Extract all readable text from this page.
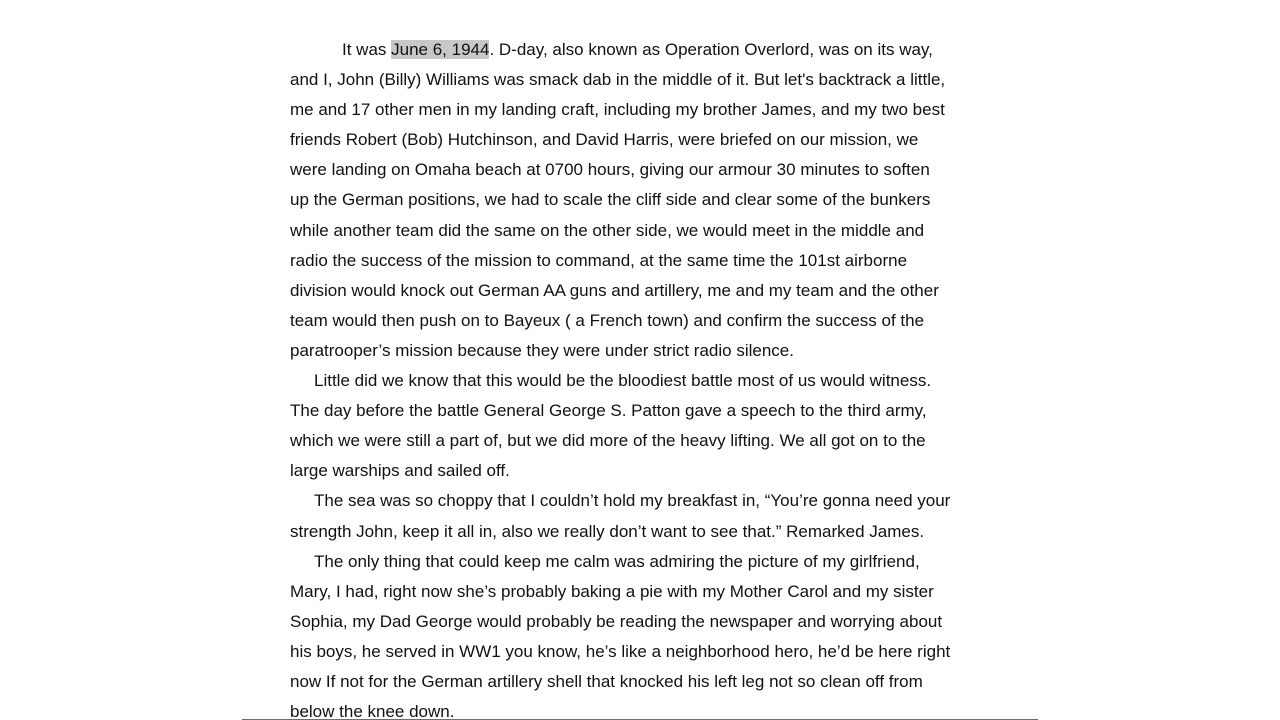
It was June 6, 1944. D-day, also known as Operation Overlord, was on its way,
and I, John (Billy) Williams was smack dab in the middle of it. But let's backtrack a little,
me and 17 other men in my landing craft, including my brother James, and my two best
friends Robert (Bob) Hutchinson, and David Harris, were briefed on our mission, we
were landing on Omaha beach at 0700 hours, giving our armour 30 minutes to soften
up the German positions, we had to scale the cliff side and clear some of the bunkers
while another team did the same on the other side, we would meet in the middle and
radio the success of the mission to command, at the same time the 101st airborne
division would knock out German AA guns and artillery, me and my team and the other
team would then push on to Bayeux ( a French town) and confirm the success of the
paratrooper’s mission because they were under strict radio silence.
Little did we know that this would be the bloodiest battle most of us would witness.
The day before the battle General George S. Patton gave a speech to the third army,
which we were still a part of, but we did more of the heavy lifting. We all got on to the
large warships and sailed off.
The sea was so choppy that I couldn’t hold my breakfast in, “You’re gonna need your
strength John, keep it all in, also we really don’t want to see that.” Remarked James.
The only thing that could keep me calm was admiring the picture of my girlfriend,
Mary, I had, right now she’s probably baking a pie with my Mother Carol and my sister
Sophia, my Dad George would probably be reading the newspaper and worrying about
his boys, he served in WW1 you know, he’s like a neighborhood hero, he’d be here right
now If not for the German artillery shell that knocked his left leg not so clean off from
below the knee down.
